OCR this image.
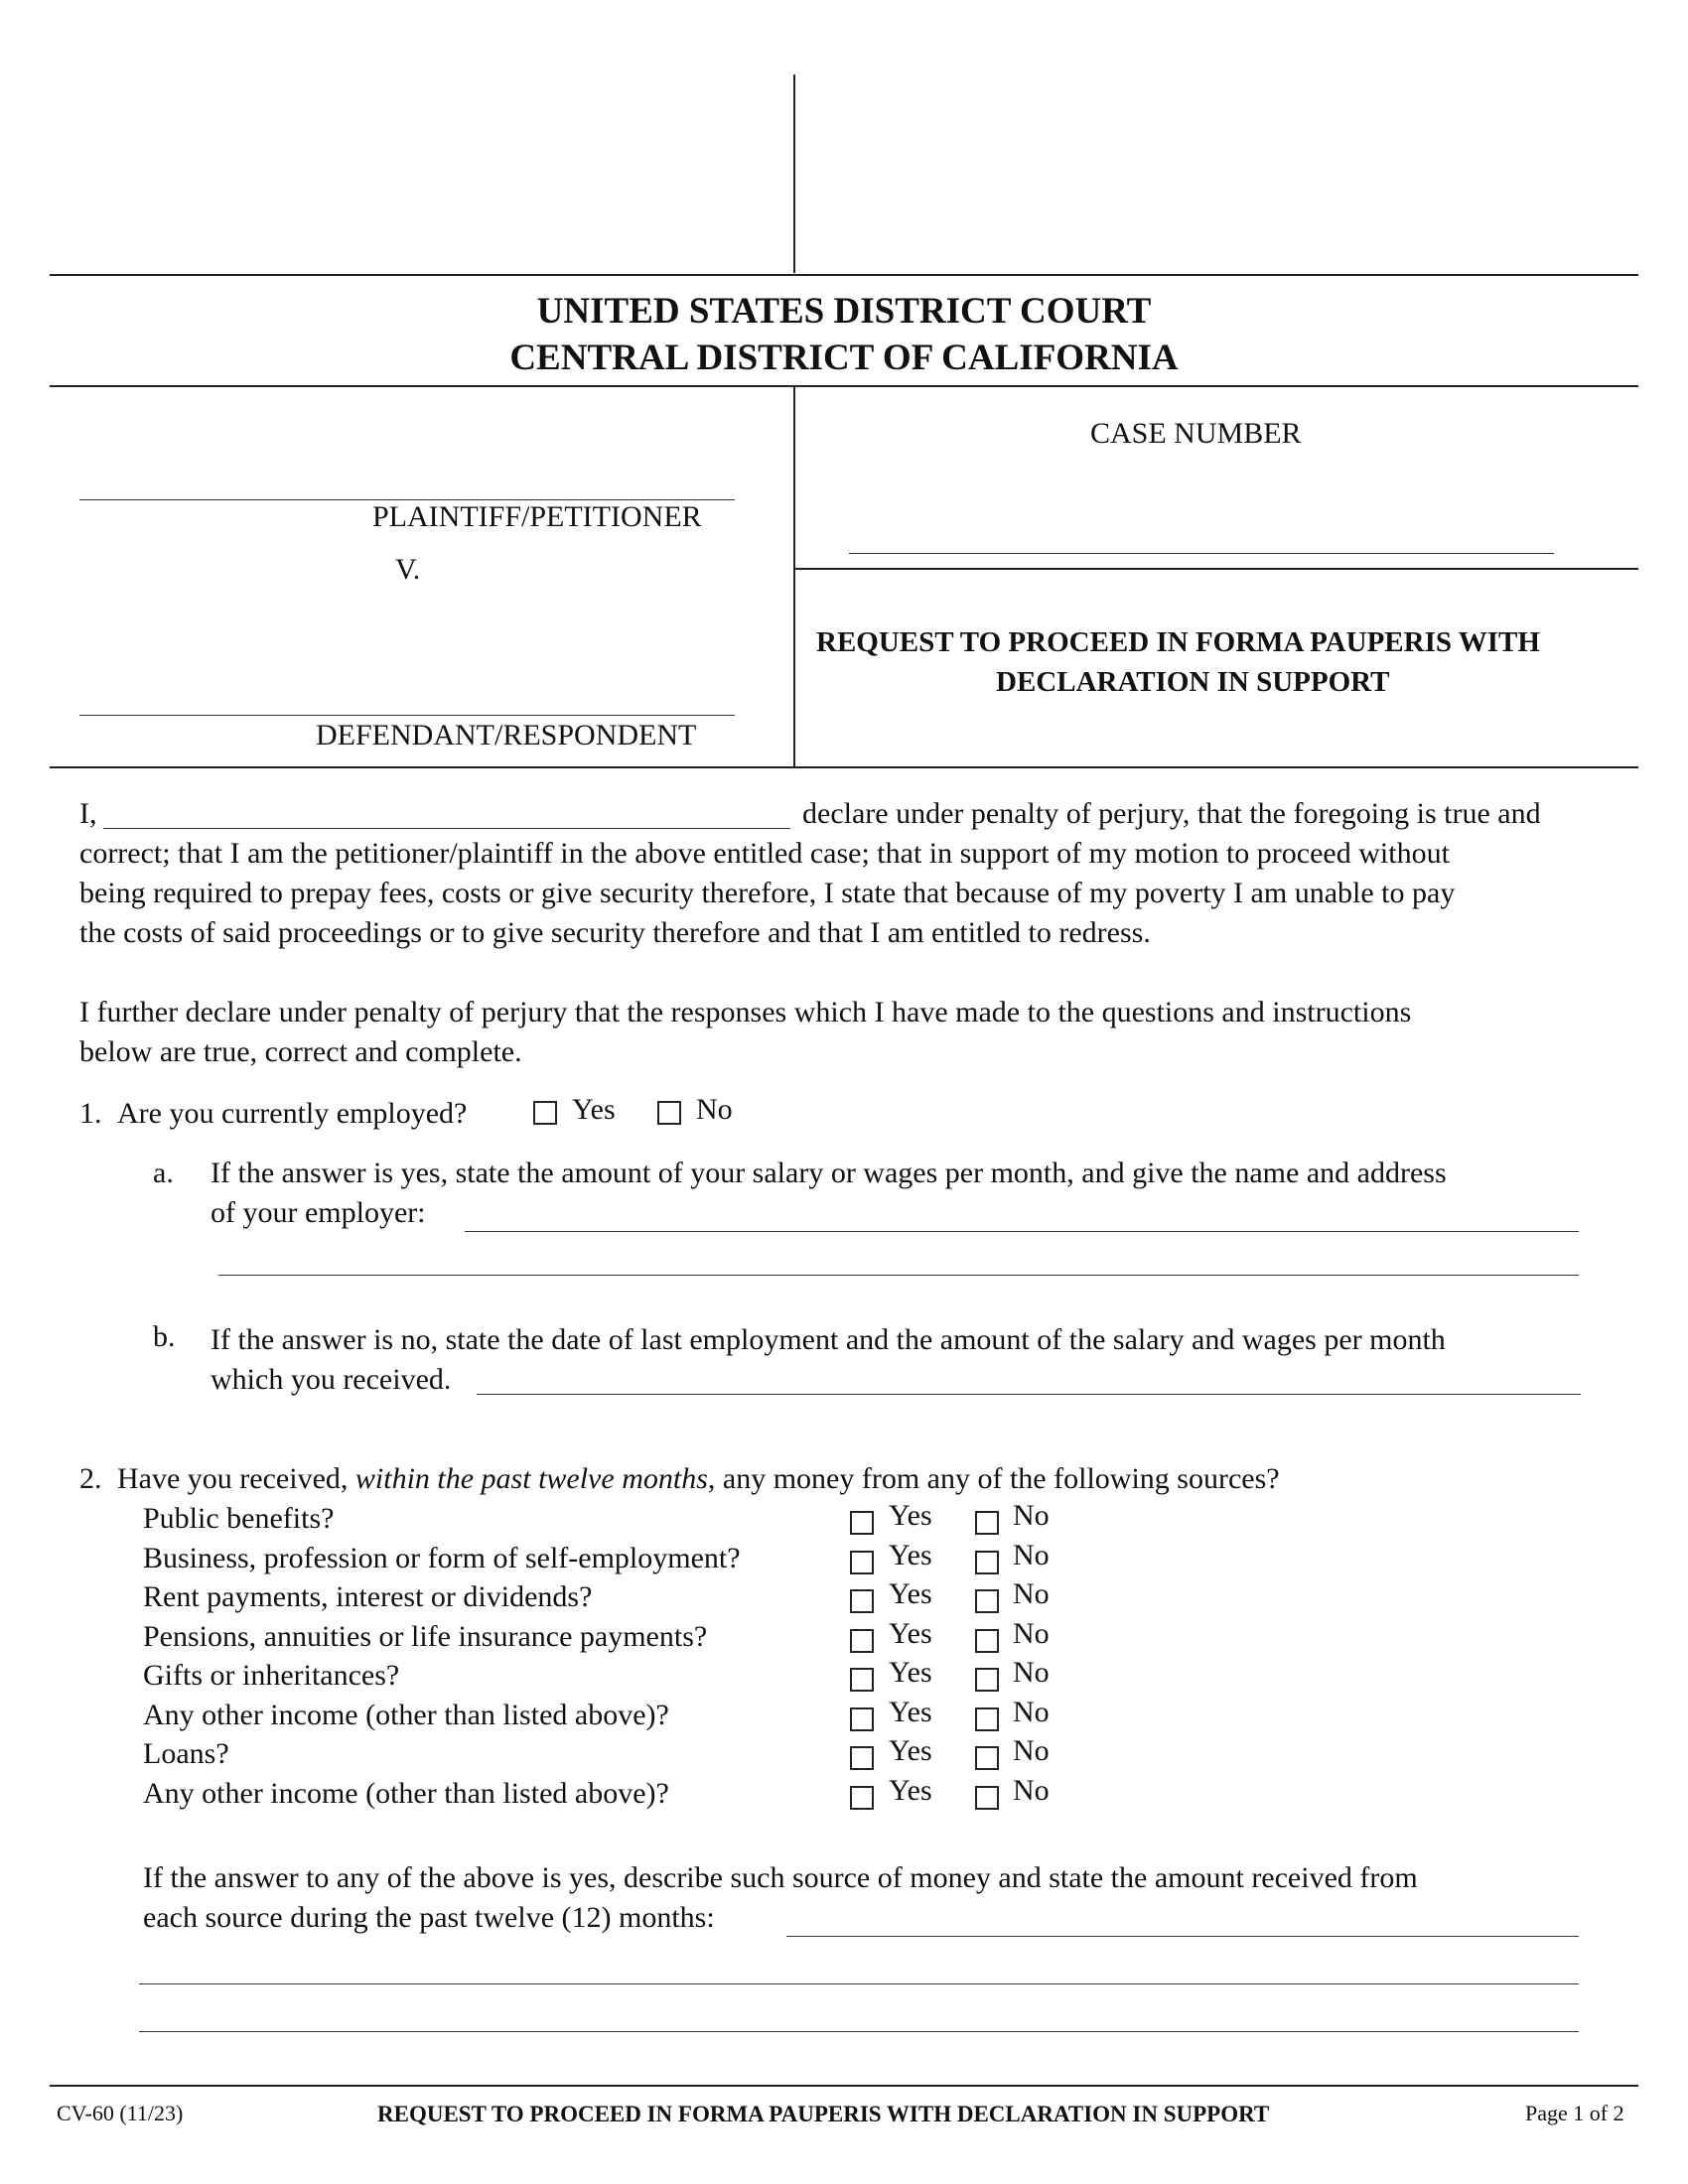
UNITED STATES DISTRICT COURT
CENTRAL DISTRICT OF CALIFORNIA
PLAINTIFF/PETITIONER
V.
DEFENDANT/RESPONDENT
CASE NUMBER
REQUEST TO PROCEED IN FORMA PAUPERIS WITH
DECLARATION IN SUPPORT
I,	declare under penalty of perjury, that the foregoing is true and
correct; that I am the petitioner/plaintiff in the above entitled case; that in support of my motion to proceed without
being required to prepay fees, costs or give security therefore, I state that because of my poverty I am unable to pay
the costs of said proceedings or to give security therefore and that I am entitled to redress.
I further declare under penalty of perjury that the responses which I have made to the questions and instructions
below are true, correct and complete.
1. Are you currently employed?	Yes	No
a. If the answer is yes, state the amount of your salary or wages per month, and give the name and address
of your employer:
b. If the answer is no, state the date of last employment and the amount of the salary and wages per month
which you received.
2. Have you received, within the past twelve months, any money from any of the following sources?
Public benefits?	Yes	No
Business, profession or form of self-employment?	Yes	No
Rent payments, interest or dividends?	Yes	No
Pensions, annuities or life insurance payments?	Yes	No
Gifts or inheritances?	Yes	No
Any other income (other than listed above)?	Yes	No
Loans?	Yes	No
Any other income (other than listed above)?	Yes	No
If the answer to any of the above is yes, describe such source of money and state the amount received from
each source during the past twelve (12) months:
CV-60 (11/23)	REQUEST TO PROCEED IN FORMA PAUPERIS WITH DECLARATION IN SUPPORT	Page 1 of 2
